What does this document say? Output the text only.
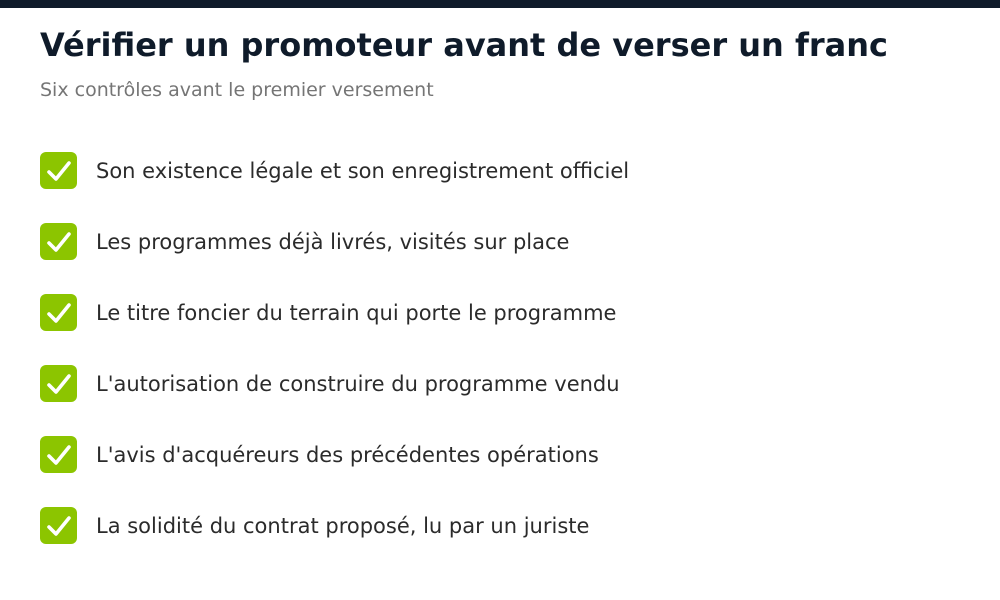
Vérifier un promoteur avant de verser un franc

Six contrôles avant le premier versement

Son existence légale et son enregistrement officiel
Les programmes déjà livrés, visités sur place
Le titre foncier du terrain qui porte le programme
L'autorisation de construire du programme vendu
L'avis d'acquéreurs des précédentes opérations
La solidité du contrat proposé, lu par un juriste
